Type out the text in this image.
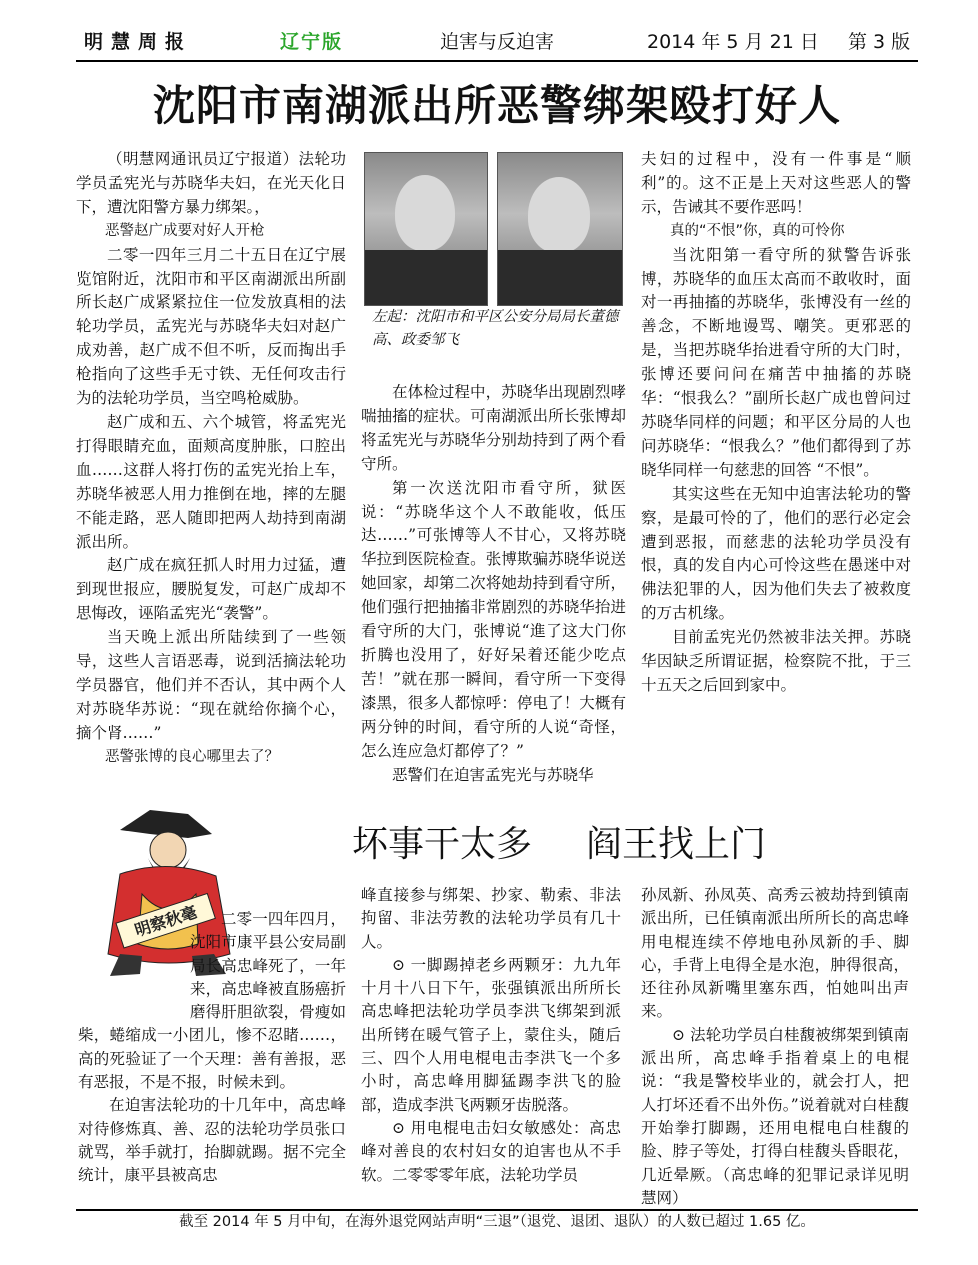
明慧周报	辽宁版	迫害与反迫害	2014 年 5 月 21 日 第 3 版
沈阳市南湖派出所恶警绑架殴打好人

（明慧网通讯员辽宁报道）法轮功学员孟宪光与苏晓华夫妇，在光天化日下，遭沈阳警方暴力绑架。，

恶警赵广成要对好人开枪

二零一四年三月二十五日在辽宁展览馆附近，沈阳市和平区南湖派出所副所长赵广成紧紧拉住一位发放真相的法轮功学员，孟宪光与苏晓华夫妇对赵广成劝善，赵广成不但不听，反而掏出手枪指向了这些手无寸铁、无任何攻击行为的法轮功学员，当空鸣枪威胁。

赵广成和五、六个城管，将孟宪光打得眼睛充血，面颊高度肿胀，口腔出血……这群人将打伤的孟宪光抬上车，苏晓华被恶人用力推倒在地，摔的左腿不能走路，恶人随即把两人劫持到南湖派出所。

赵广成在疯狂抓人时用力过猛，遭到现世报应，腰脱复发，可赵广成却不思悔改，诬陷孟宪光“袭警”。

当天晚上派出所陆续到了一些领导，这些人言语恶毒，说到活摘法轮功学员器官，他们并不否认，其中两个人对苏晓华苏说：“现在就给你摘个心，摘个肾……”

恶警张博的良心哪里去了？

左起：沈阳市和平区公安分局局长董德高、政委邹飞

在体检过程中，苏晓华出现剧烈哮喘抽搐的症状。可南湖派出所长张博却将孟宪光与苏晓华分别劫持到了两个看守所。

第一次送沈阳市看守所，狱医说：“苏晓华这个人不敢能收，低压达……”可张博等人不甘心，又将苏晓华拉到医院检查。张博欺骗苏晓华说送她回家，却第二次将她劫持到看守所，他们强行把抽搐非常剧烈的苏晓华抬进看守所的大门，张博说“進了这大门你折腾也没用了，好好呆着还能少吃点苦！”就在那一瞬间，看守所一下变得漆黑，很多人都惊呼：停电了！大概有两分钟的时间，看守所的人说“奇怪，怎么连应急灯都停了？”

恶警们在迫害孟宪光与苏晓华

夫妇的过程中，没有一件事是“顺利”的。这不正是上天对这些恶人的警示，告诫其不要作恶吗！

真的“不恨”你，真的可怜你

当沈阳第一看守所的狱警告诉张博，苏晓华的血压太高而不敢收时，面对一再抽搐的苏晓华，张博没有一丝的善念，不断地谩骂、嘲笑。更邪恶的是，当把苏晓华抬进看守所的大门时，张博还要问问在痛苦中抽搐的苏晓华：“恨我么？”副所长赵广成也曾问过苏晓华同样的问题；和平区分局的人也问苏晓华：“恨我么？”他们都得到了苏晓华同样一句慈悲的回答 “不恨”。

其实这些在无知中迫害法轮功的警察，是最可怜的了，他们的恶行必定会遭到恶报，而慈悲的法轮功学员没有恨，真的发自内心可怜这些在愚迷中对佛法犯罪的人，因为他们失去了被救度的万古机缘。

目前孟宪光仍然被非法关押。苏晓华因缺乏所谓证据，检察院不批，于三十五天之后回到家中。

明察秋毫
坏事干太多 阎王找上门

二零一四年四月，沈阳市康平县公安局副局长高忠峰死了，一年来，高忠峰被直肠癌折磨得肝胆欲裂，骨瘦如柴，蜷缩成一小团儿，惨不忍睹……，高的死验证了一个天理：善有善报，恶有恶报，不是不报，时候未到。

在迫害法轮功的十几年中，高忠峰对待修炼真、善、忍的法轮功学员张口就骂，举手就打，抬脚就踢。据不完全统计，康平县被高忠

峰直接参与绑架、抄家、勒索、非法拘留、非法劳教的法轮功学员有几十人。

⊙ 一脚踢掉老乡两颗牙：九九年十月十八日下午，张强镇派出所所长高忠峰把法轮功学员李洪飞绑架到派出所铐在暖气管子上，蒙住头，随后三、四个人用电棍电击李洪飞一个多小时，高忠峰用脚猛踢李洪飞的脸部，造成李洪飞两颗牙齿脱落。

⊙ 用电棍电击妇女敏感处：高忠峰对善良的农村妇女的迫害也从不手软。二零零零年底，法轮功学员

孙凤新、孙凤英、高秀云被劫持到镇南派出所，已任镇南派出所所长的高忠峰用电棍连续不停地电孙凤新的手、脚心，手背上电得全是水泡，肿得很高，还往孙凤新嘴里塞东西，怕她叫出声来。

⊙ 法轮功学员白桂馥被绑架到镇南派出所，高忠峰手指着桌上的电棍说：“我是警校毕业的，就会打人，把人打坏还看不出外伤。”说着就对白桂馥开始拳打脚踢，还用电棍电白桂馥的脸、脖子等处，打得白桂馥头昏眼花，几近晕厥。（高忠峰的犯罪记录详见明慧网）

截至 2014 年 5 月中旬，在海外退党网站声明“三退”（退党、退团、退队）的人数已超过 1.65 亿。
